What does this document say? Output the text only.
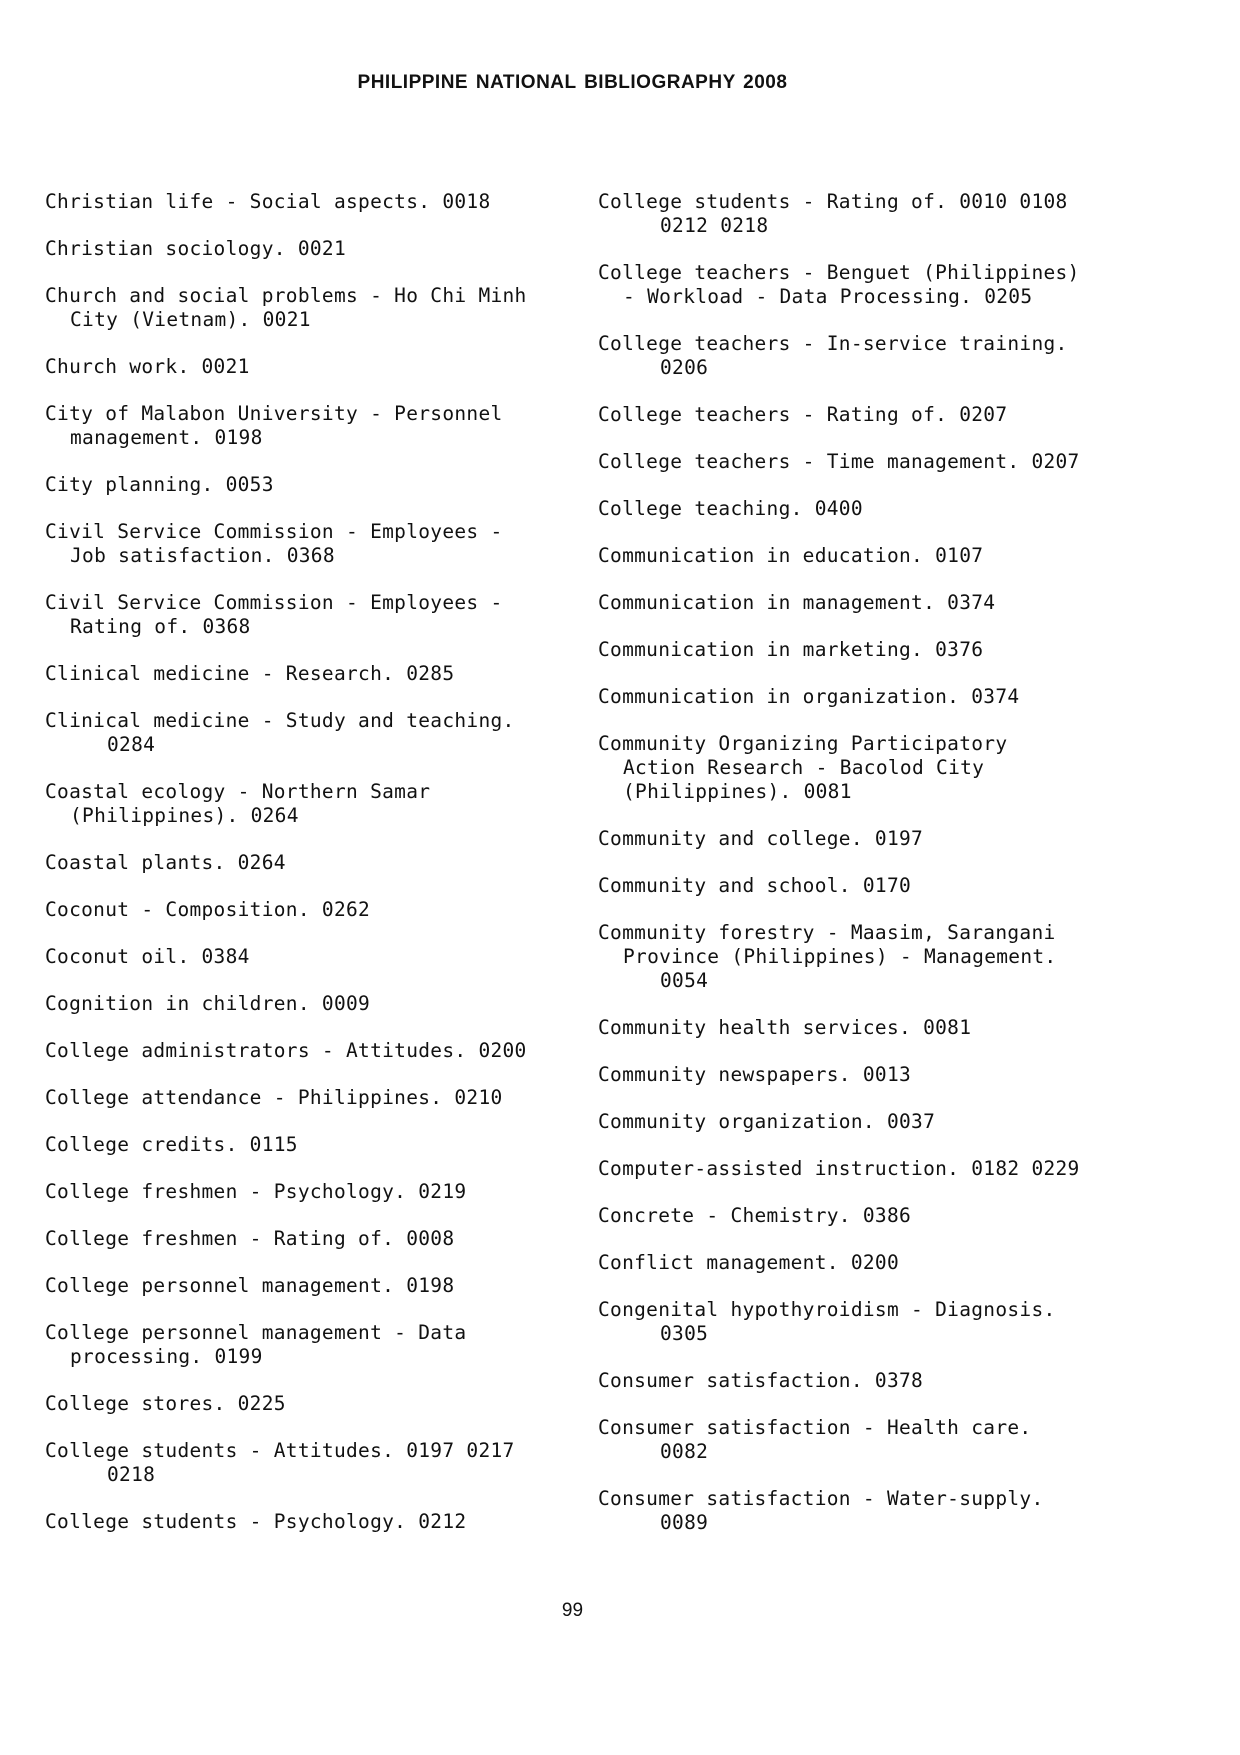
PHILIPPINE NATIONAL BIBLIOGRAPHY 2008
Christian life - Social aspects. 0018
Christian sociology. 0021
Church and social problems - Ho Chi Minh
City (Vietnam). 0021
Church work. 0021
City of Malabon University - Personnel
management. 0198
City planning. 0053
Civil Service Commission - Employees -
Job satisfaction. 0368
Civil Service Commission - Employees -
Rating of. 0368
Clinical medicine - Research. 0285
Clinical medicine - Study and teaching.
0284
Coastal ecology - Northern Samar
(Philippines). 0264
Coastal plants. 0264
Coconut - Composition. 0262
Coconut oil. 0384
Cognition in children. 0009
College administrators - Attitudes. 0200
College attendance - Philippines. 0210
College credits. 0115
College freshmen - Psychology. 0219
College freshmen - Rating of. 0008
College personnel management. 0198
College personnel management - Data
processing. 0199
College stores. 0225
College students - Attitudes. 0197 0217
0218
College students - Psychology. 0212
College students - Rating of. 0010 0108
0212 0218
College teachers - Benguet (Philippines)
- Workload - Data Processing. 0205
College teachers - In-service training.
0206
College teachers - Rating of. 0207
College teachers - Time management. 0207
College teaching. 0400
Communication in education. 0107
Communication in management. 0374
Communication in marketing. 0376
Communication in organization. 0374
Community Organizing Participatory
Action Research - Bacolod City
(Philippines). 0081
Community and college. 0197
Community and school. 0170
Community forestry - Maasim, Sarangani
Province (Philippines) - Management.
0054
Community health services. 0081
Community newspapers. 0013
Community organization. 0037
Computer-assisted instruction. 0182 0229
Concrete - Chemistry. 0386
Conflict management. 0200
Congenital hypothyroidism - Diagnosis.
0305
Consumer satisfaction. 0378
Consumer satisfaction - Health care.
0082
Consumer satisfaction - Water-supply.
0089
99
